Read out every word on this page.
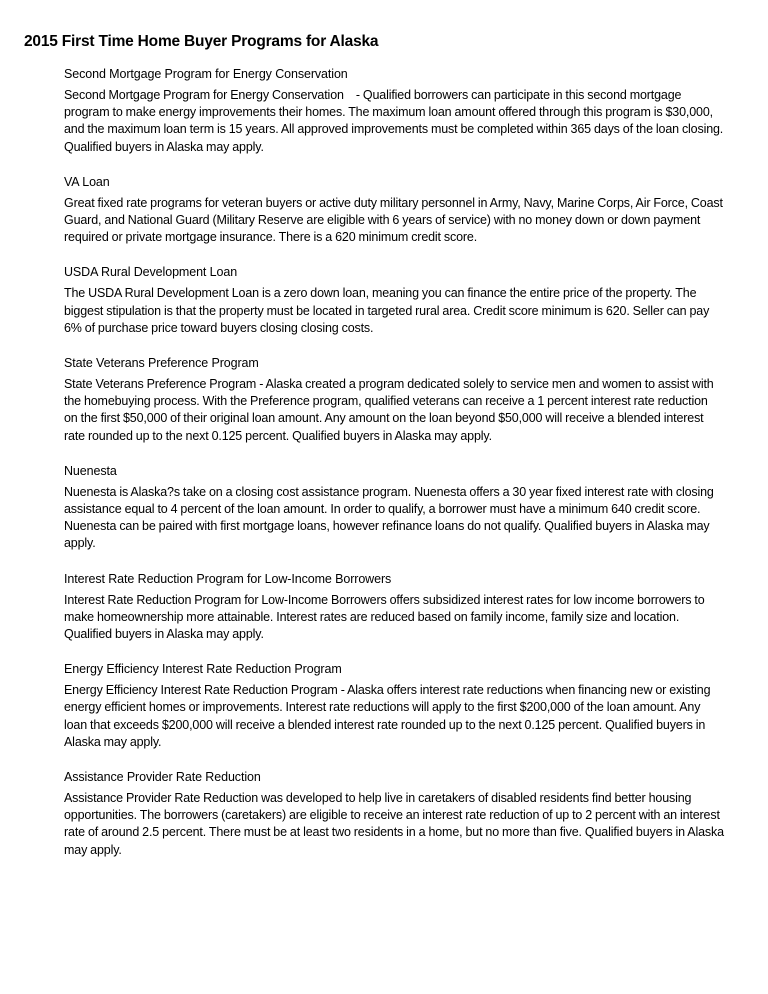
2015 First Time Home Buyer Programs for Alaska

Second Mortgage Program for Energy Conservation

Second Mortgage Program for Energy Conservation    - Qualified borrowers can participate in this second mortgage program to make energy improvements their homes. The maximum loan amount offered through this program is $30,000, and the maximum loan term is 15 years. All approved improvements must be completed within 365 days of the loan closing. Qualified buyers in Alaska may apply.

VA Loan

Great fixed rate programs for veteran buyers or active duty military personnel in Army, Navy, Marine Corps, Air Force, Coast Guard, and National Guard (Military Reserve are eligible with 6 years of service) with no money down or down payment required or private mortgage insurance. There is a 620 minimum credit score.

USDA Rural Development Loan

The USDA Rural Development Loan is a zero down loan, meaning you can finance the entire price of the property. The biggest stipulation is that the property must be located in targeted rural area. Credit score minimum is 620. Seller can pay 6% of purchase price toward buyers closing closing costs.

State Veterans Preference Program

State Veterans Preference Program - Alaska created a program dedicated solely to service men and women to assist with the homebuying process. With the Preference program, qualified veterans can receive a 1 percent interest rate reduction on the first $50,000 of their original loan amount. Any amount on the loan beyond $50,000 will receive a blended interest rate rounded up to the next 0.125 percent. Qualified buyers in Alaska may apply.

Nuenesta

Nuenesta is Alaska?s take on a closing cost assistance program. Nuenesta offers a 30 year fixed interest rate with closing assistance equal to 4 percent of the loan amount. In order to qualify, a borrower must have a minimum 640 credit score. Nuenesta can be paired with first mortgage loans, however refinance loans do not qualify. Qualified buyers in Alaska may apply.

Interest Rate Reduction Program for Low-Income Borrowers

Interest Rate Reduction Program for Low-Income Borrowers offers subsidized interest rates for low income borrowers to make homeownership more attainable. Interest rates are reduced based on family income, family size and location. Qualified buyers in Alaska may apply.

Energy Efficiency Interest Rate Reduction Program

Energy Efficiency Interest Rate Reduction Program - Alaska offers interest rate reductions when financing new or existing energy efficient homes or improvements. Interest rate reductions will apply to the first $200,000 of the loan amount. Any loan that exceeds $200,000 will receive a blended interest rate rounded up to the next 0.125 percent. Qualified buyers in Alaska may apply.

Assistance Provider Rate Reduction

Assistance Provider Rate Reduction was developed to help live in caretakers of disabled residents find better housing opportunities. The borrowers (caretakers) are eligible to receive an interest rate reduction of up to 2 percent with an interest rate of around 2.5 percent. There must be at least two residents in a home, but no more than five. Qualified buyers in Alaska may apply.
